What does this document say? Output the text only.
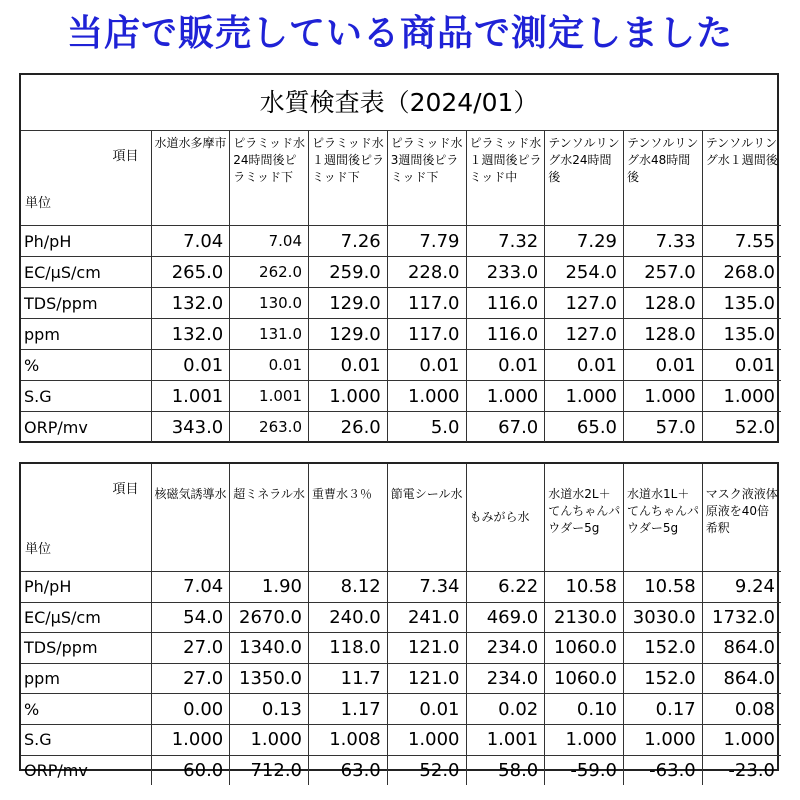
当店で販売している商品で測定しました
水質検査表（2024/01）
項目
単位	水道水多摩市	ピラミッド水24時間後ピラミッド下	ピラミッド水１週間後ピラミッド下	ピラミッド水3週間後ピラミッド下	ピラミッド水１週間後ピラミッド中	テンソルリング水24時間後	テンソルリング水48時間後	テンソルリング水１週間後
Ph/pH	7.04	7.04	7.26	7.79	7.32	7.29	7.33	7.55
EC/μS/cm	265.0	262.0	259.0	228.0	233.0	254.0	257.0	268.0
TDS/ppm	132.0	130.0	129.0	117.0	116.0	127.0	128.0	135.0
ppm	132.0	131.0	129.0	117.0	116.0	127.0	128.0	135.0
%	0.01	0.01	0.01	0.01	0.01	0.01	0.01	0.01
S.G	1.001	1.001	1.000	1.000	1.000	1.000	1.000	1.000
ORP/mv	343.0	263.0	26.0	5.0	67.0	65.0	57.0	52.0
項目
単位	核磁気誘導水	超ミネラル水	重曹水３％	節電シール水	もみがら水	水道水2L＋てんちゃんパウダー5g	水道水1L＋てんちゃんパウダー5g	マスク液液体原液を40倍希釈
Ph/pH	7.04	1.90	8.12	7.34	6.22	10.58	10.58	9.24
EC/μS/cm	54.0	2670.0	240.0	241.0	469.0	2130.0	3030.0	1732.0
TDS/ppm	27.0	1340.0	118.0	121.0	234.0	1060.0	152.0	864.0
ppm	27.0	1350.0	11.7	121.0	234.0	1060.0	152.0	864.0
%	0.00	0.13	1.17	0.01	0.02	0.10	0.17	0.08
S.G	1.000	1.000	1.008	1.000	1.001	1.000	1.000	1.000
ORP/mv	60.0	712.0	63.0	52.0	58.0	-59.0	-63.0	-23.0
